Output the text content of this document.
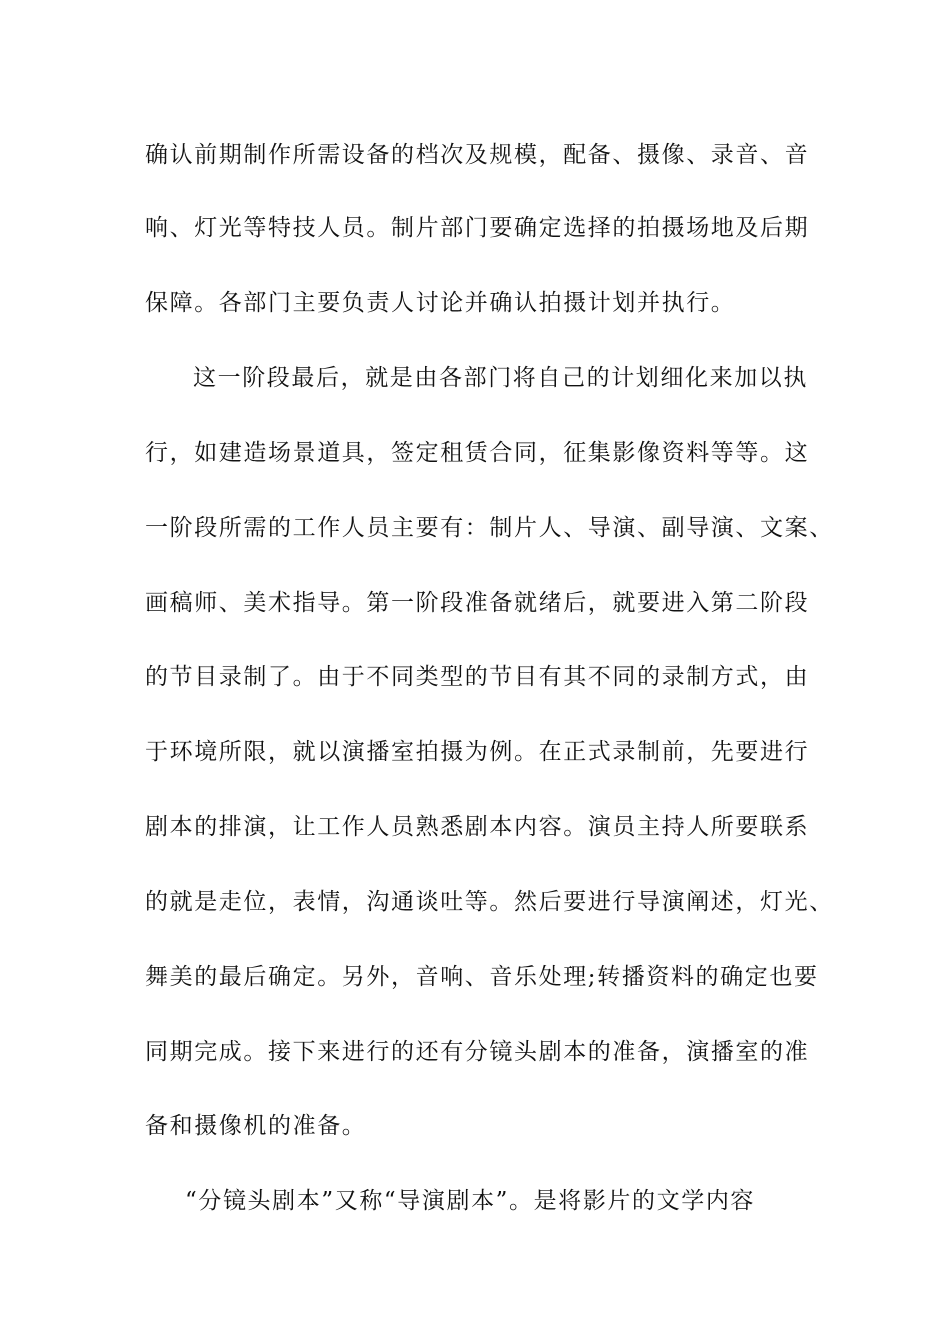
确认前期制作所需设备的档次及规模，配备、摄像、录音、音
响、灯光等特技人员。制片部门要确定选择的拍摄场地及后期
保障。各部门主要负责人讨论并确认拍摄计划并执行。
这一阶段最后，就是由各部门将自己的计划细化来加以执
行，如建造场景道具，签定租赁合同，征集影像资料等等。这
一阶段所需的工作人员主要有：制片人、导演、副导演、文案、
画稿师、美术指导。第一阶段准备就绪后，就要进入第二阶段
的节目录制了。由于不同类型的节目有其不同的录制方式，由
于环境所限，就以演播室拍摄为例。在正式录制前，先要进行
剧本的排演，让工作人员熟悉剧本内容。演员主持人所要联系
的就是走位，表情，沟通谈吐等。然后要进行导演阐述，灯光、
舞美的最后确定。另外，音响、音乐处理;转播资料的确定也要
同期完成。接下来进行的还有分镜头剧本的准备，演播室的准
备和摄像机的准备。
“分镜头剧本”又称“导演剧本”。是将影片的文学内容
